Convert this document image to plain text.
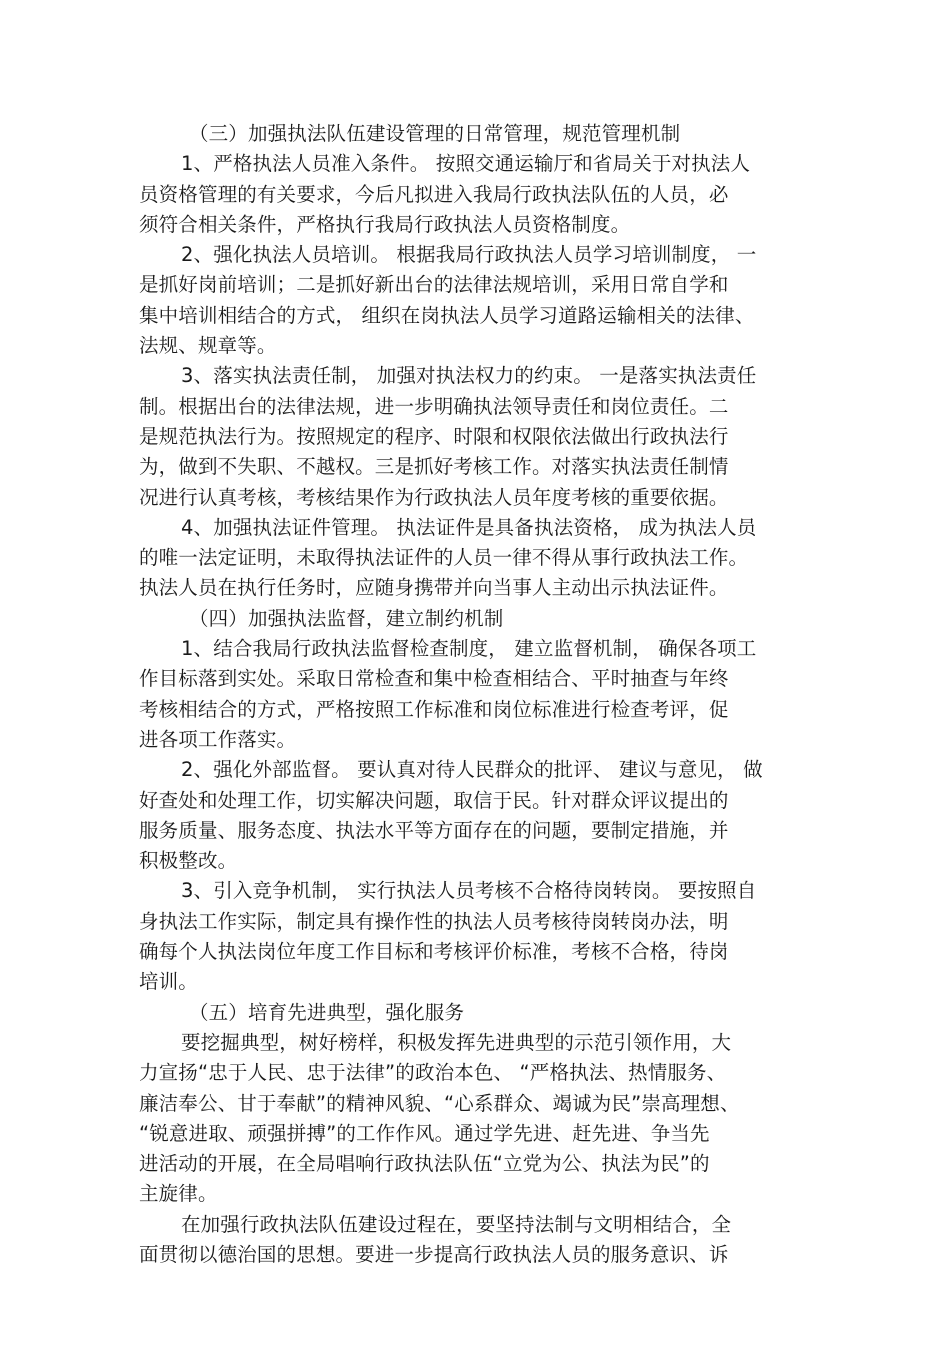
（三）加强执法队伍建设管理的日常管理，规范管理机制
1、严格执法人员准入条件。 按照交通运输厅和省局关于对执法人
员资格管理的有关要求，今后凡拟进入我局行政执法队伍的人员，必
须符合相关条件，严格执行我局行政执法人员资格制度。
2、强化执法人员培训。 根据我局行政执法人员学习培训制度， 一
是抓好岗前培训；二是抓好新出台的法律法规培训，采用日常自学和
集中培训相结合的方式， 组织在岗执法人员学习道路运输相关的法律、
法规、规章等。
3、落实执法责任制， 加强对执法权力的约束。 一是落实执法责任
制。根据出台的法律法规，进一步明确执法领导责任和岗位责任。二
是规范执法行为。按照规定的程序、时限和权限依法做出行政执法行
为，做到不失职、不越权。三是抓好考核工作。对落实执法责任制情
况进行认真考核，考核结果作为行政执法人员年度考核的重要依据。
4、加强执法证件管理。 执法证件是具备执法资格， 成为执法人员
的唯一法定证明，未取得执法证件的人员一律不得从事行政执法工作。
执法人员在执行任务时，应随身携带并向当事人主动出示执法证件。
（四）加强执法监督，建立制约机制
1、结合我局行政执法监督检查制度， 建立监督机制， 确保各项工
作目标落到实处。采取日常检查和集中检查相结合、平时抽查与年终
考核相结合的方式，严格按照工作标准和岗位标准进行检查考评，促
进各项工作落实。
2、强化外部监督。 要认真对待人民群众的批评、 建议与意见， 做
好查处和处理工作，切实解决问题，取信于民。针对群众评议提出的
服务质量、服务态度、执法水平等方面存在的问题，要制定措施，并
积极整改。
3、引入竞争机制， 实行执法人员考核不合格待岗转岗。 要按照自
身执法工作实际，制定具有操作性的执法人员考核待岗转岗办法，明
确每个人执法岗位年度工作目标和考核评价标准，考核不合格，待岗
培训。
（五）培育先进典型，强化服务
要挖掘典型，树好榜样，积极发挥先进典型的示范引领作用，大
力宣扬“忠于人民、忠于法律”的政治本色、 “严格执法、热情服务、
廉洁奉公、甘于奉献”的精神风貌、“心系群众、竭诚为民”崇高理想、
“锐意进取、顽强拼搏”的工作作风。通过学先进、赶先进、争当先
进活动的开展，在全局唱响行政执法队伍“立党为公、执法为民”的
主旋律。
在加强行政执法队伍建设过程在，要坚持法制与文明相结合，全
面贯彻以德治国的思想。要进一步提高行政执法人员的服务意识、诉
